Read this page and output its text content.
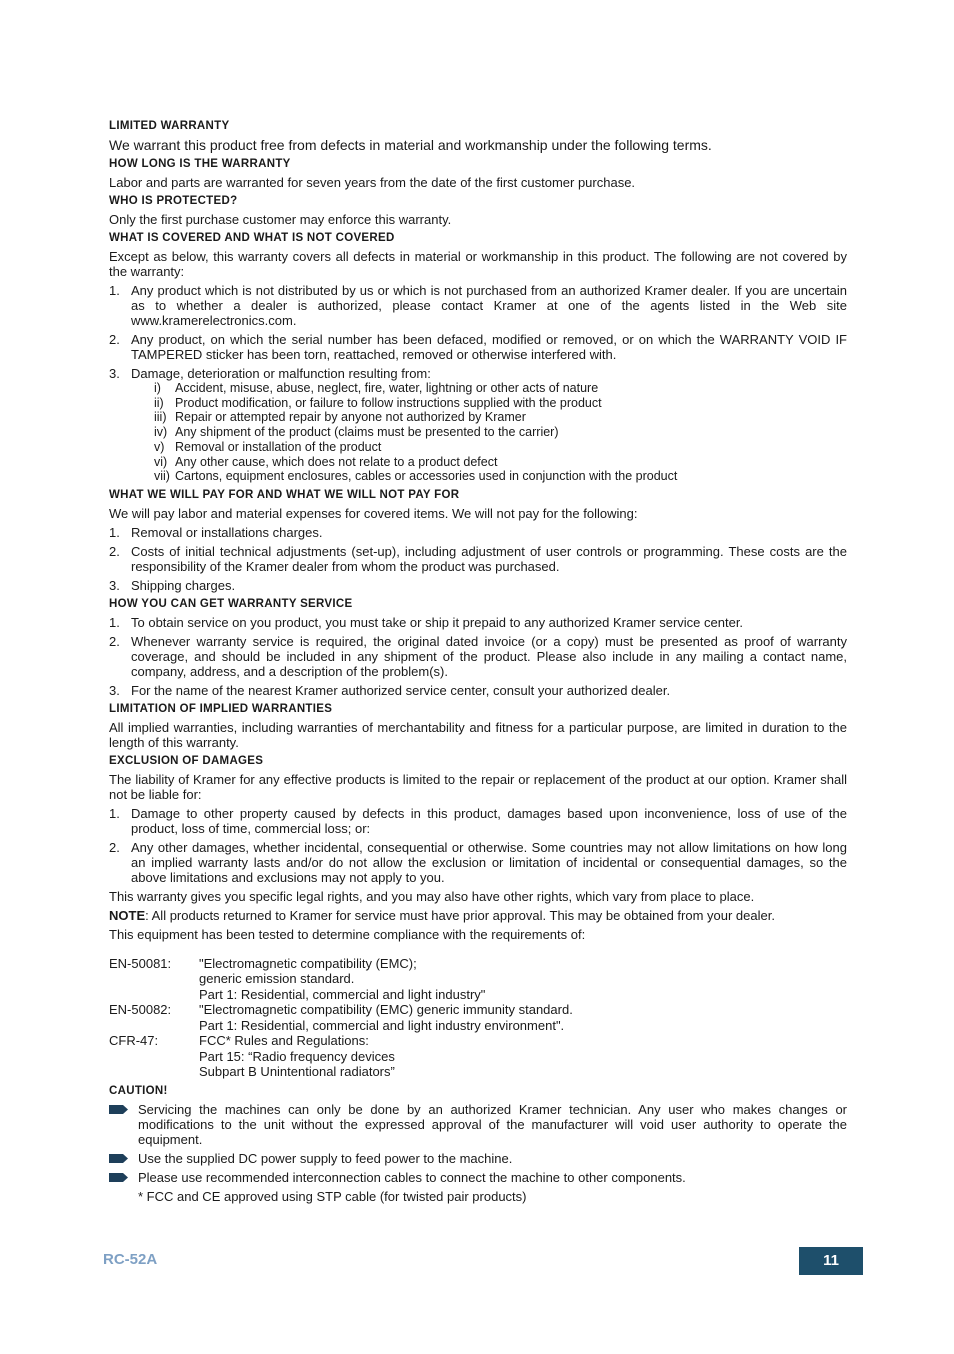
LIMITED WARRANTY

We warrant this product free from defects in material and workmanship under the following terms.

HOW LONG IS THE WARRANTY

Labor and parts are warranted for seven years from the date of the first customer purchase.

WHO IS PROTECTED?

Only the first purchase customer may enforce this warranty.

WHAT IS COVERED AND WHAT IS NOT COVERED

Except as below, this warranty covers all defects in material or workmanship in this product. The following are not covered by the warranty:

1. Any product which is not distributed by us or which is not purchased from an authorized Kramer dealer. If you are uncertain as to whether a dealer is authorized, please contact Kramer at one of the agents listed in the Web site www.kramerelectronics.com.
2. Any product, on which the serial number has been defaced, modified or removed, or on which the WARRANTY VOID IF TAMPERED sticker has been torn, reattached, removed or otherwise interfered with.
3. Damage, deterioration or malfunction resulting from:
i) Accident, misuse, abuse, neglect, fire, water, lightning or other acts of nature
ii) Product modification, or failure to follow instructions supplied with the product
iii) Repair or attempted repair by anyone not authorized by Kramer
iv) Any shipment of the product (claims must be presented to the carrier)
v) Removal or installation of the product
vi) Any other cause, which does not relate to a product defect
vii) Cartons, equipment enclosures, cables or accessories used in conjunction with the product
WHAT WE WILL PAY FOR AND WHAT WE WILL NOT PAY FOR

We will pay labor and material expenses for covered items. We will not pay for the following:

1. Removal or installations charges.
2. Costs of initial technical adjustments (set-up), including adjustment of user controls or programming. These costs are the responsibility of the Kramer dealer from whom the product was purchased.
3. Shipping charges.
HOW YOU CAN GET WARRANTY SERVICE
1. To obtain service on you product, you must take or ship it prepaid to any authorized Kramer service center.
2. Whenever warranty service is required, the original dated invoice (or a copy) must be presented as proof of warranty coverage, and should be included in any shipment of the product. Please also include in any mailing a contact name, company, address, and a description of the problem(s).
3. For the name of the nearest Kramer authorized service center, consult your authorized dealer.
LIMITATION OF IMPLIED WARRANTIES

All implied warranties, including warranties of merchantability and fitness for a particular purpose, are limited in duration to the length of this warranty.

EXCLUSION OF DAMAGES

The liability of Kramer for any effective products is limited to the repair or replacement of the product at our option. Kramer shall not be liable for:

1. Damage to other property caused by defects in this product, damages based upon inconvenience, loss of use of the product, loss of time, commercial loss; or:
2. Any other damages, whether incidental, consequential or otherwise. Some countries may not allow limitations on how long an implied warranty lasts and/or do not allow the exclusion or limitation of incidental or consequential damages, so the above limitations and exclusions may not apply to you.

This warranty gives you specific legal rights, and you may also have other rights, which vary from place to place.

NOTE: All products returned to Kramer for service must have prior approval. This may be obtained from your dealer.

This equipment has been tested to determine compliance with the requirements of:

EN-50081:	"Electromagnetic compatibility (EMC);
generic emission standard.
Part 1: Residential, commercial and light industry"

EN-50082:	"Electromagnetic compatibility (EMC) generic immunity standard.
Part 1: Residential, commercial and light industry environment".

CFR-47:	FCC* Rules and Regulations:
Part 15: “Radio frequency devices
Subpart B Unintentional radiators”
CAUTION!
Servicing the machines can only be done by an authorized Kramer technician. Any user who makes changes or modifications to the unit without the expressed approval of the manufacturer will void user authority to operate the equipment.
Use the supplied DC power supply to feed power to the machine.
Please use recommended interconnection cables to connect the machine to other components.
* FCC and CE approved using STP cable (for twisted pair products)
RC-52A	11
